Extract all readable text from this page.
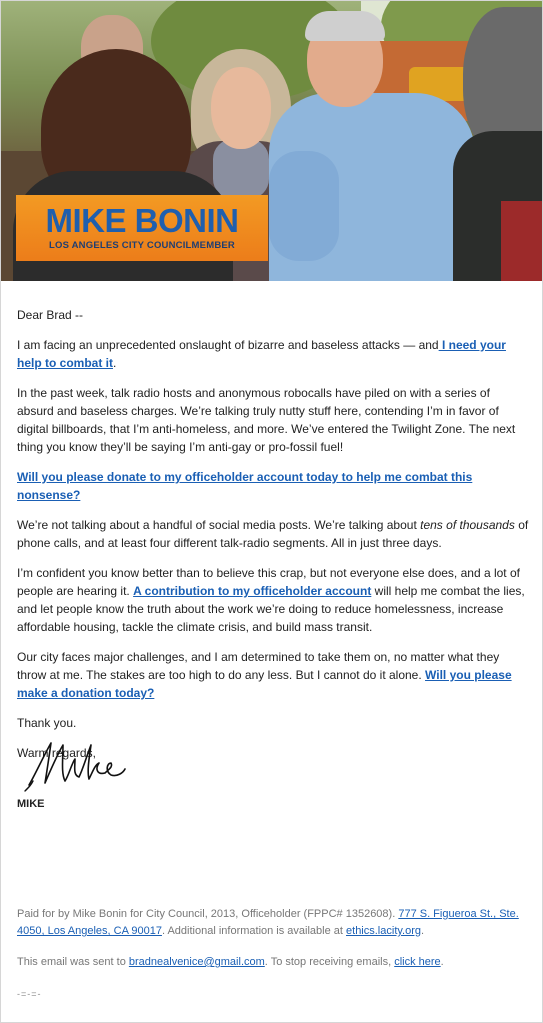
MIKE BONIN
LOS ANGELES CITY COUNCILMEMBER

Dear Brad --

I am facing an unprecedented onslaught of bizarre and baseless attacks — and I need your help to combat it.

In the past week, talk radio hosts and anonymous robocalls have piled on with a series of absurd and baseless charges. We’re talking truly nutty stuff here, contending I’m in favor of digital billboards, that I’m anti-homeless, and more. We’ve entered the Twilight Zone. The next thing you know they’ll be saying I’m anti-gay or pro-fossil fuel!

Will you please donate to my officeholder account today to help me combat this nonsense?

We’re not talking about a handful of social media posts. We’re talking about tens of thousands of phone calls, and at least four different talk-radio segments. All in just three days.

I’m confident you know better than to believe this crap, but not everyone else does, and a lot of people are hearing it. A contribution to my officeholder account will help me combat the lies, and let people know the truth about the work we’re doing to reduce homelessness, increase affordable housing, tackle the climate crisis, and build mass transit.

Our city faces major challenges, and I am determined to take them on, no matter what they throw at me. The stakes are too high to do any less. But I cannot do it alone. Will you please make a donation today?

Thank you.

Warm regards,

MIKE

Paid for by Mike Bonin for City Council, 2013, Officeholder (FPPC# 1352608). 777 S. Figueroa St., Ste. 4050, Los Angeles, CA 90017. Additional information is available at ethics.lacity.org.

This email was sent to bradnealvenice@gmail.com. To stop receiving emails, click here.

-=-=-
